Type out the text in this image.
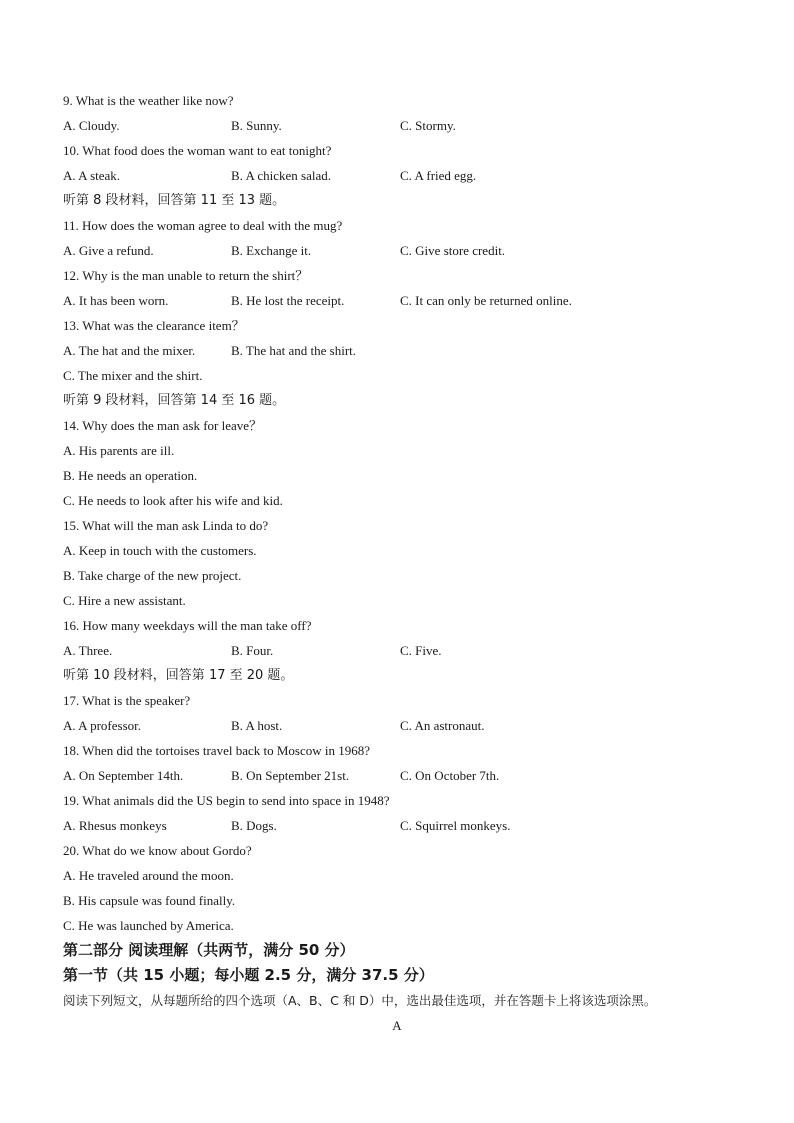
9. What is the weather like now?
A. Cloudy.	B. Sunny.	C. Stormy.
10. What food does the woman want to eat tonight?
A. A steak.	B. A chicken salad.	C. A fried egg.
听第 8 段材料，回答第 11 至 13 题。
11. How does the woman agree to deal with the mug?
A. Give a refund.	B. Exchange it.	C. Give store credit.
12. Why is the man unable to return the shirt？
A. It has been worn.	B. He lost the receipt.	C. It can only be returned online.
13. What was the clearance item？
A. The hat and the mixer.	B. The hat and the shirt.
C. The mixer and the shirt.
听第 9 段材料，回答第 14 至 16 题。
14. Why does the man ask for leave？
A. His parents are ill.
B. He needs an operation.
C. He needs to look after his wife and kid.
15. What will the man ask Linda to do?
A. Keep in touch with the customers.
B. Take charge of the new project.
C. Hire a new assistant.
16. How many weekdays will the man take off?
A. Three.	B. Four.	C. Five.
听第 10 段材料，回答第 17 至 20 题。
17. What is the speaker?
A. A professor.	B. A host.	C. An astronaut.
18. When did the tortoises travel back to Moscow in 1968?
A. On September 14th.	B. On September 21st.	C. On October 7th.
19. What animals did the US begin to send into space in 1948?
A. Rhesus monkeys	B. Dogs.	C. Squirrel monkeys.
20. What do we know about Gordo?
A. He traveled around the moon.
B. His capsule was found finally.
C. He was launched by America.
第二部分 阅读理解（共两节，满分 50 分）
第一节（共 15 小题；每小题 2.5 分，满分 37.5 分）
阅读下列短文，从每题所给的四个选项（A、B、C 和 D）中，选出最佳选项，并在答题卡上将该选项涂黑。
A
